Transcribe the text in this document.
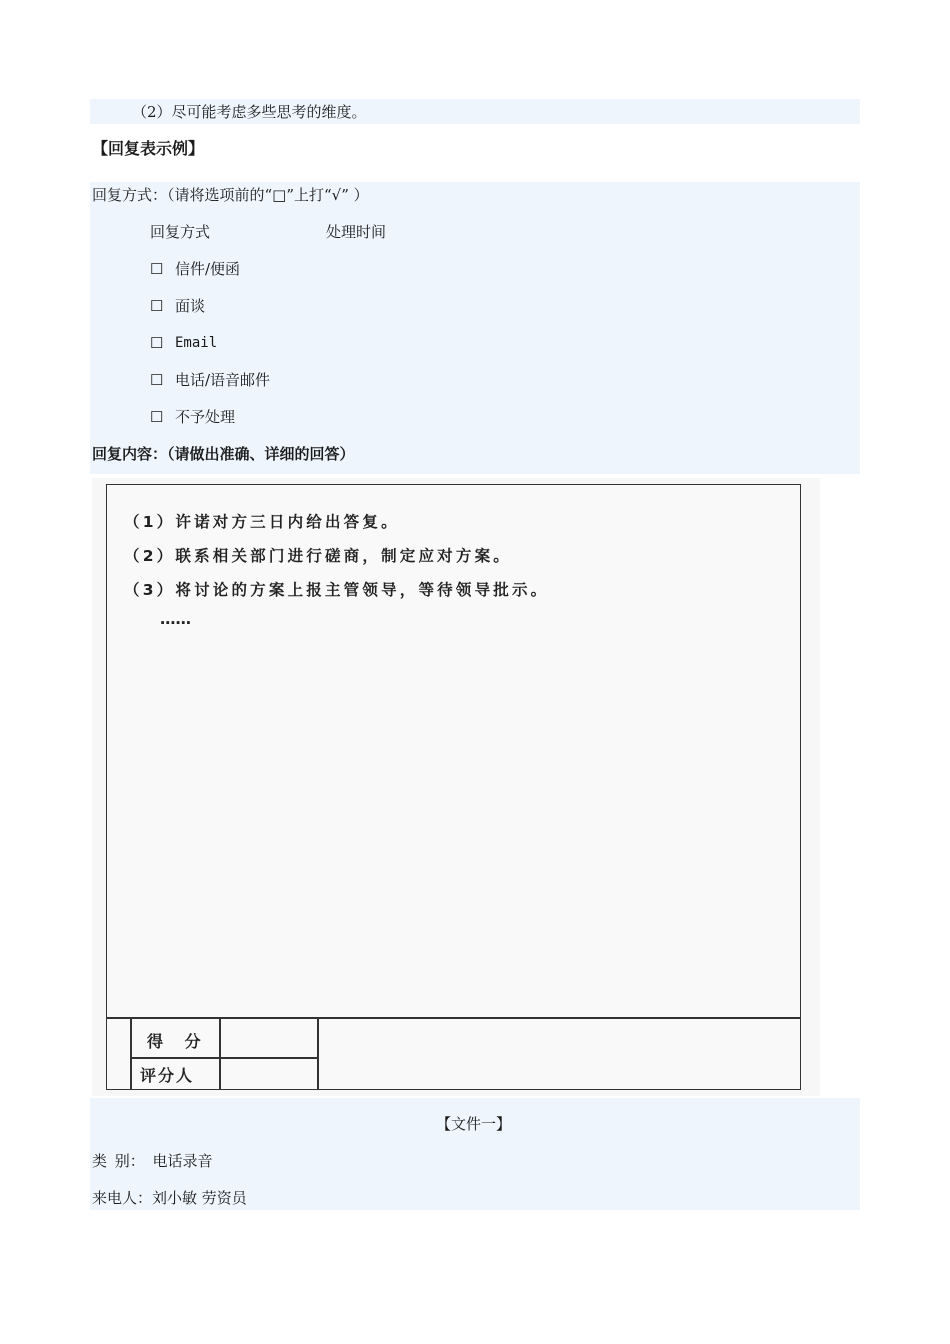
（2）尽可能考虑多些思考的维度。
【回复表示例】
回复方式：（请将选项前的“□”上打“√” ）
回复方式	处理时间
☐ 信件/便函
☐ 面谈
☐ Email
☐ 电话/语音邮件
☐ 不予处理
回复内容：（请做出准确、详细的回答）
（1）许诺对方三日内给出答复。
（2）联系相关部门进行磋商，制定应对方案。
（3）将讨论的方案上报主管领导，等待领导批示。
……
得 分
评分人
【文件一】
类 别： 电话录音
来电人：刘小敏 劳资员
